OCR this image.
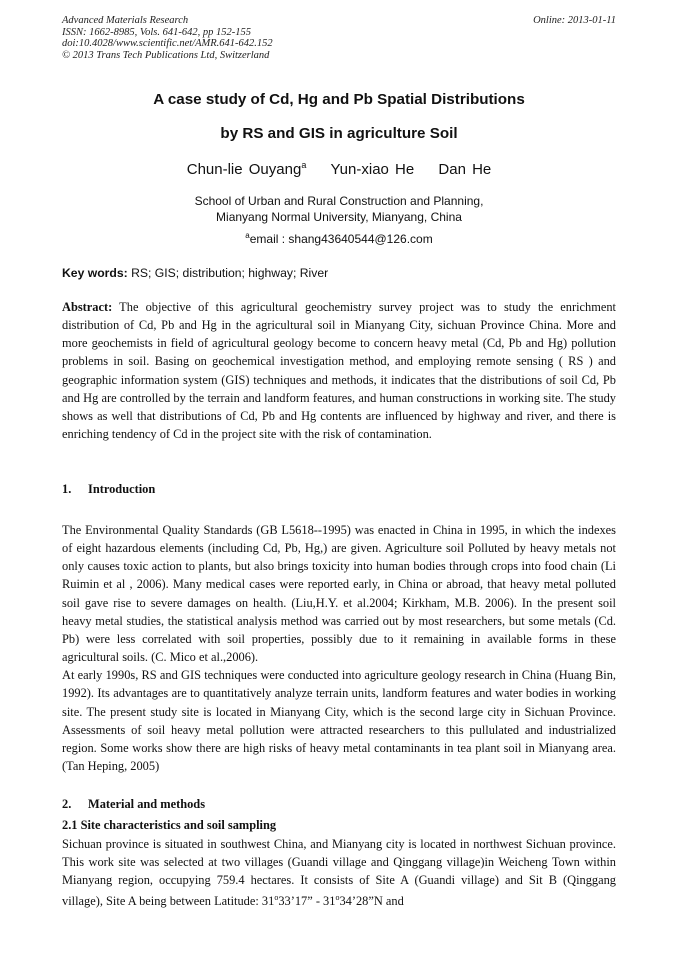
Advanced Materials Research
ISSN: 1662-8985, Vols. 641-642, pp 152-155
doi:10.4028/www.scientific.net/AMR.641-642.152
© 2013 Trans Tech Publications Ltd, Switzerland
Online: 2013-01-11
A case study of Cd, Hg and Pb Spatial Distributions
by RS and GIS in agriculture Soil
Chun-lie Ouyang$^a$ Yun-xiao He Dan He
School of Urban and Rural Construction and Planning,
Mianyang Normal University, Mianyang, China
$^a$email : shang43640544@126.com
Key words: RS; GIS; distribution; highway; River
Abstract: The objective of this agricultural geochemistry survey project was to study the enrichment distribution of Cd, Pb and Hg in the agricultural soil in Mianyang City, sichuan Province China. More and more geochemists in field of agricultural geology become to concern heavy metal (Cd, Pb and Hg) pollution problems in soil. Basing on geochemical investigation method, and employing remote sensing ( RS ) and geographic information system (GIS) techniques and methods, it indicates that the distributions of soil Cd, Pb and Hg are controlled by the terrain and landform features, and human constructions in working site. The study shows as well that distributions of Cd, Pb and Hg contents are influenced by highway and river, and there is enriching tendency of Cd in the project site with the risk of contamination.
1. Introduction
The Environmental Quality Standards (GB L5618--1995) was enacted in China in 1995, in which the indexes of eight hazardous elements (including Cd, Pb, Hg,) are given. Agriculture soil Polluted by heavy metals not only causes toxic action to plants, but also brings toxicity into human bodies through crops into food chain (Li Ruimin et al , 2006). Many medical cases were reported early, in China or abroad, that heavy metal polluted soil gave rise to severe damages on health. (Liu,H.Y. et al.2004; Kirkham, M.B. 2006). In the present soil heavy metal studies, the statistical analysis method was carried out by most researchers, but some metals (Cd. Pb) were less correlated with soil properties, possibly due to it remaining in available forms in these agricultural soils. (C. Mico et al.,2006).
At early 1990s, RS and GIS techniques were conducted into agriculture geology research in China (Huang Bin, 1992). Its advantages are to quantitatively analyze terrain units, landform features and water bodies in working site. The present study site is located in Mianyang City, which is the second large city in Sichuan Province. Assessments of soil heavy metal pollution were attracted researchers to this pullulated and industrialized region. Some works show there are high risks of heavy metal contaminants in tea plant soil in Mianyang area. (Tan Heping, 2005)
2. Material and methods
2.1 Site characteristics and soil sampling
Sichuan province is situated in southwest China, and Mianyang city is located in northwest Sichuan province. This work site was selected at two villages (Guandi village and Qinggang village)in Weicheng Town within Mianyang region, occupying 759.4 hectares. It consists of Site A (Guandi village) and Sit B (Qinggang village), Site A being between Latitude: 31$^o$33’17” - 31$^o$34’28”N and
